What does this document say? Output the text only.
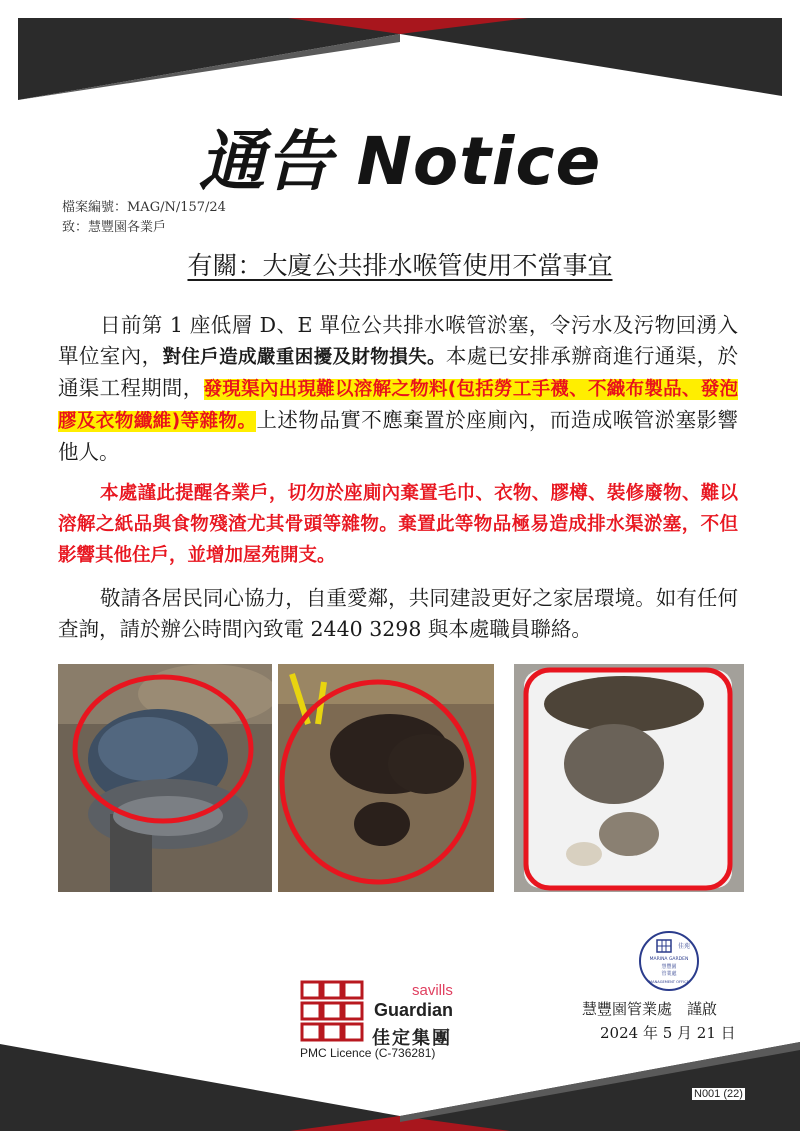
通告 Notice
檔案編號：MAG/N/157/24
致：慧豐園各業戶
有關：大廈公共排水喉管使用不當事宜
日前第 1 座低層 D、E 單位公共排水喉管淤塞，令污水及污物回湧入單位室內，對住戶造成嚴重困擾及財物損失。本處已安排承辦商進行通渠，於通渠工程期間，發現渠內出現難以溶解之物料(包括勞工手襪、不織布製品、發泡膠及衣物纖維)等雜物。上述物品實不應棄置於座廁內，而造成喉管淤塞影響他人。
本處謹此提醒各業戶，切勿於座廁內棄置毛巾、衣物、膠樽、裝修廢物、難以溶解之紙品與食物殘渣尤其骨頭等雜物。棄置此等物品極易造成排水渠淤塞，不但影響其他住戶，並增加屋苑開支。
敬請各居民同心協力，自重愛鄰，共同建設更好之家居環境。如有任何查詢，請於辦公時間內致電 2440 3298 與本處職員聯絡。
savills
Guardian
佳定集團
PMC Licence (C-736281)
佳苑
MARINA GARDEN
慧豐園
管業處
MANAGEMENT OFFICE
慧豐園管業處　謹啟
2024 年 5 月 21 日
N001 (22)
